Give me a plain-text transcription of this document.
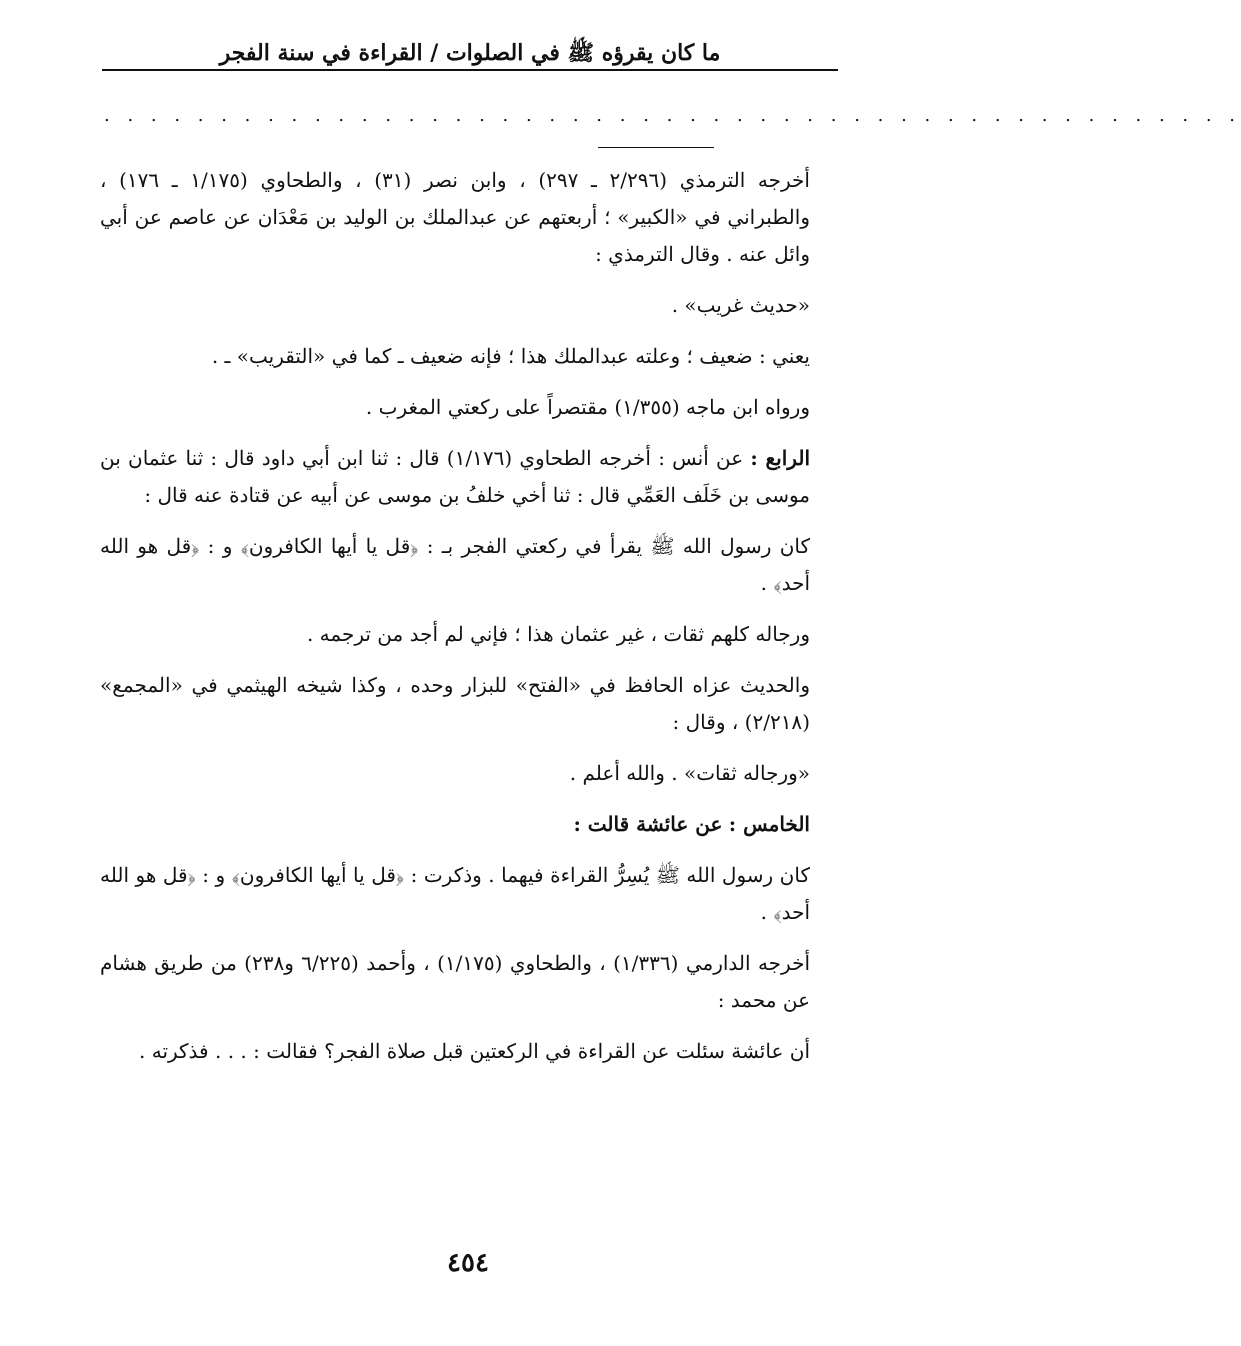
ما كان يقرؤه ﷺ في الصلوات / القراءة في سنة الفجر
. . . . . . . . . . . . . . . . . . . . . . . . . . . . . . . . . . . . . . . . . . . . . . . . .

أخرجه الترمذي (٢/٢٩٦ ـ ٢٩٧) ، وابن نصر (٣١) ، والطحاوي (١/١٧٥ ـ ١٧٦) ، والطبراني في «الكبير» ؛ أربعتهم عن عبدالملك بن الوليد بن مَعْدَان عن عاصم عن أبي وائل عنه . وقال الترمذي :

«حديث غريب» .

يعني : ضعيف ؛ وعلته عبدالملك هذا ؛ فإنه ضعيف ـ كما في «التقريب» ـ .

ورواه ابن ماجه (١/٣٥٥) مقتصراً على ركعتي المغرب .

الرابع : عن أنس : أخرجه الطحاوي (١/١٧٦) قال : ثنا ابن أبي داود قال : ثنا عثمان بن موسى بن خَلَف العَمِّي قال : ثنا أخي خلفُ بن موسى عن أبيه عن قتادة عنه قال :

كان رسول الله ﷺ يقرأ في ركعتي الفجر بـ : ﴿قل يا أيها الكافرون﴾ و : ﴿قل هو الله أحد﴾ .

ورجاله كلهم ثقات ، غير عثمان هذا ؛ فإني لم أجد من ترجمه .

والحديث عزاه الحافظ في «الفتح» للبزار وحده ، وكذا شيخه الهيثمي في «المجمع» (٢/٢١٨) ، وقال :

«ورجاله ثقات» . والله أعلم .

الخامس : عن عائشة قالت :

كان رسول الله ﷺ يُسِرُّ القراءة فيهما . وذكرت : ﴿قل يا أيها الكافرون﴾ و : ﴿قل هو الله أحد﴾ .

أخرجه الدارمي (١/٣٣٦) ، والطحاوي (١/١٧٥) ، وأحمد (٦/٢٢٥ و٢٣٨) من طريق هشام عن محمد :

أن عائشة سئلت عن القراءة في الركعتين قبل صلاة الفجر؟ فقالت : . . . فذكرته .

٤٥٤
